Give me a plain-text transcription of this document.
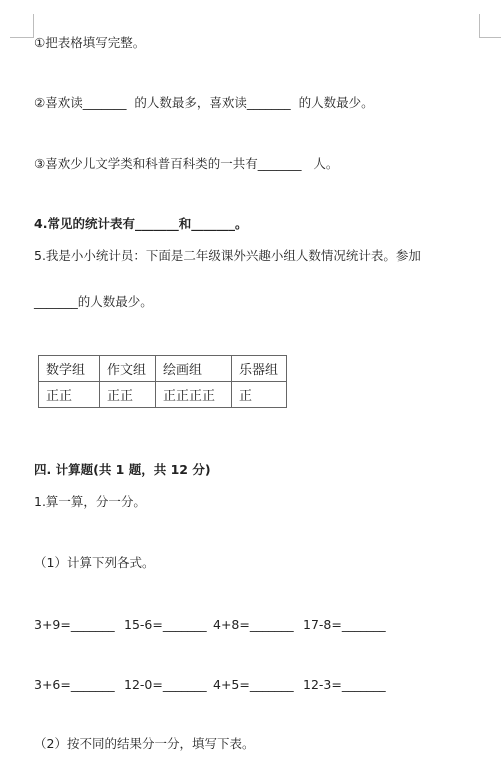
①把表格填写完整。
②喜欢读_______  的人数最多，喜欢读_______  的人数最少。
③喜欢少儿文学类和科普百科类的一共有_______   人。
4.常见的统计表有_______和_______。
5.我是小小统计员：下面是二年级课外兴趣小组人数情况统计表。参加
_______的人数最少。
数学组	作文组	绘画组	乐器组
正正	正正	正正正正	正
四. 计算题(共 1 题，共 12 分)
1.算一算，分一分。
（1）计算下列各式。
3+9=_______ 15-6=_______ 4+8=_______ 17-8=_______
3+6=_______ 12-0=_______ 4+5=_______ 12-3=_______
（2）按不同的结果分一分，填写下表。
